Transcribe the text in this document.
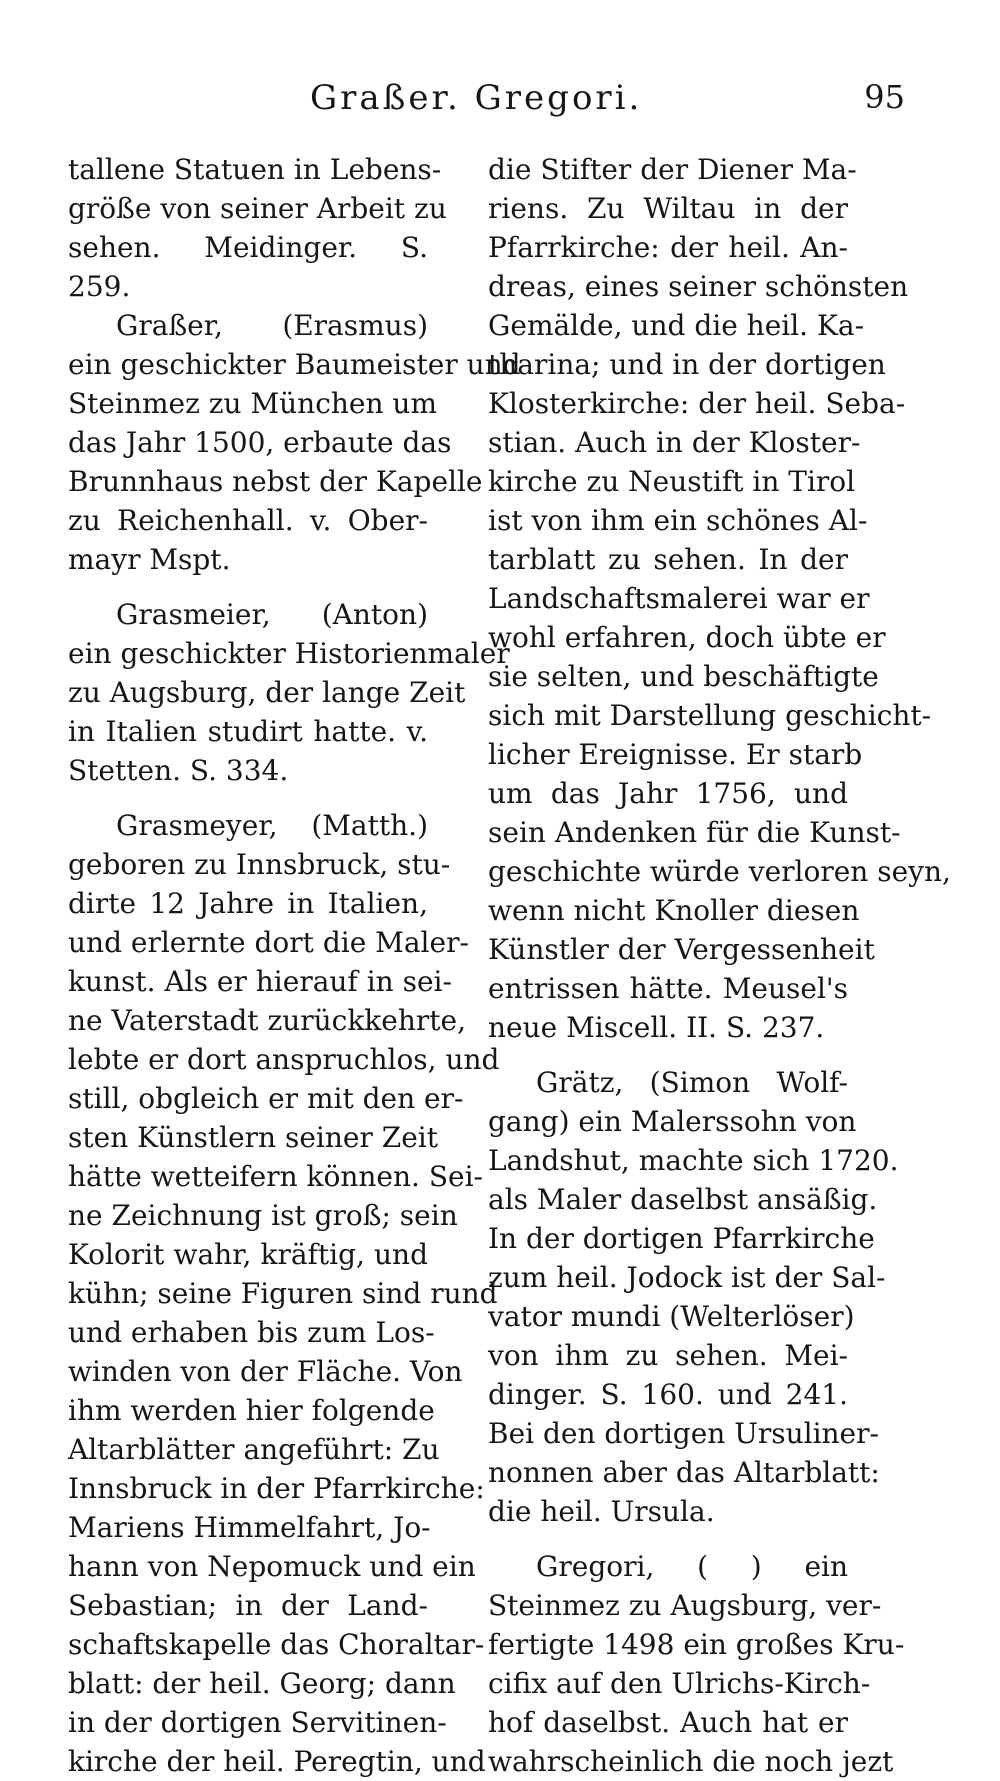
Graßer. Gregori.	95
tallene Statuen in Lebens-
größe von seiner Arbeit zu
sehen. Meidinger. S.
259.
Graßer, (Erasmus)
ein geschickter Baumeister und
Steinmez zu München um
das Jahr 1500, erbaute das
Brunnhaus nebst der Kapelle
zu Reichenhall. v. Ober-
mayr Mspt.
Grasmeier, (Anton)
ein geschickter Historienmaler
zu Augsburg, der lange Zeit
in Italien studirt hatte. v.
Stetten. S. 334.
Grasmeyer, (Matth.)
geboren zu Innsbruck, stu-
dirte 12 Jahre in Italien,
und erlernte dort die Maler-
kunst. Als er hierauf in sei-
ne Vaterstadt zurückkehrte,
lebte er dort anspruchlos, und
still, obgleich er mit den er-
sten Künstlern seiner Zeit
hätte wetteifern können. Sei-
ne Zeichnung ist groß; sein
Kolorit wahr, kräftig, und
kühn; seine Figuren sind rund
und erhaben bis zum Los-
winden von der Fläche. Von
ihm werden hier folgende
Altarblätter angeführt: Zu
Innsbruck in der Pfarrkirche:
Mariens Himmelfahrt, Jo-
hann von Nepomuck und ein
Sebastian; in der Land-
schaftskapelle das Choraltar-
blatt: der heil. Georg; dann
in der dortigen Servitinen-
kirche der heil. Peregtin, und
die Stifter der Diener Ma-
riens. Zu Wiltau in der
Pfarrkirche: der heil. An-
dreas, eines seiner schönsten
Gemälde, und die heil. Ka-
tharina; und in der dortigen
Klosterkirche: der heil. Seba-
stian. Auch in der Kloster-
kirche zu Neustift in Tirol
ist von ihm ein schönes Al-
tarblatt zu sehen. In der
Landschaftsmalerei war er
wohl erfahren, doch übte er
sie selten, und beschäftigte
sich mit Darstellung geschicht-
licher Ereignisse. Er starb
um das Jahr 1756, und
sein Andenken für die Kunst-
geschichte würde verloren seyn,
wenn nicht Knoller diesen
Künstler der Vergessenheit
entrissen hätte. Meusel's
neue Miscell. II. S. 237.
Grätz, (Simon Wolf-
gang) ein Malerssohn von
Landshut, machte sich 1720.
als Maler daselbst ansäßig.
In der dortigen Pfarrkirche
zum heil. Jodock ist der Sal-
vator mundi (Welterlöser)
von ihm zu sehen. Mei-
dinger. S. 160. und 241.
Bei den dortigen Ursuliner-
nonnen aber das Altarblatt:
die heil. Ursula.
Gregori, ( ) ein
Steinmez zu Augsburg, ver-
fertigte 1498 ein großes Kru-
cifix auf den Ulrichs-Kirch-
hof daselbst. Auch hat er
wahrscheinlich die noch jezt
